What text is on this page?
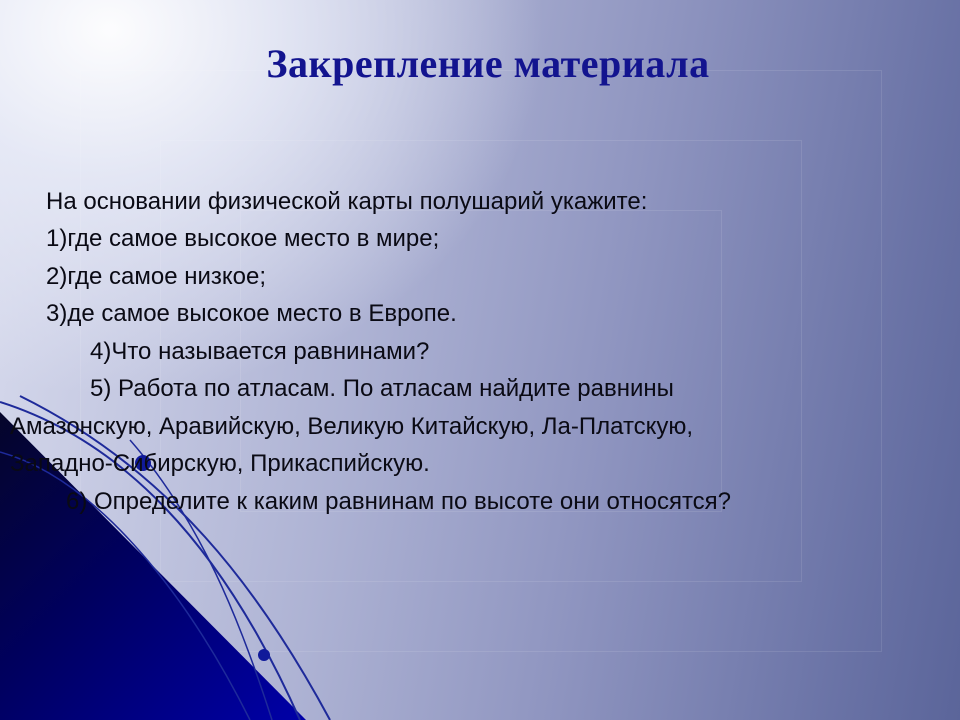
Закрепление материала
На основании физической карты полушарий укажите:
1)где самое высокое место в мире;
2)где самое низкое;
3)де самое высокое место в Европе.
4)Что называется равнинами?
5) Работа по атласам. По атласам найдите равнины
Амазонскую, Аравийскую, Великую Китайскую, Ла-Платскую,
Западно-Сибирскую, Прикаспийскую.
6) Определите к каким равнинам по высоте они относятся?
